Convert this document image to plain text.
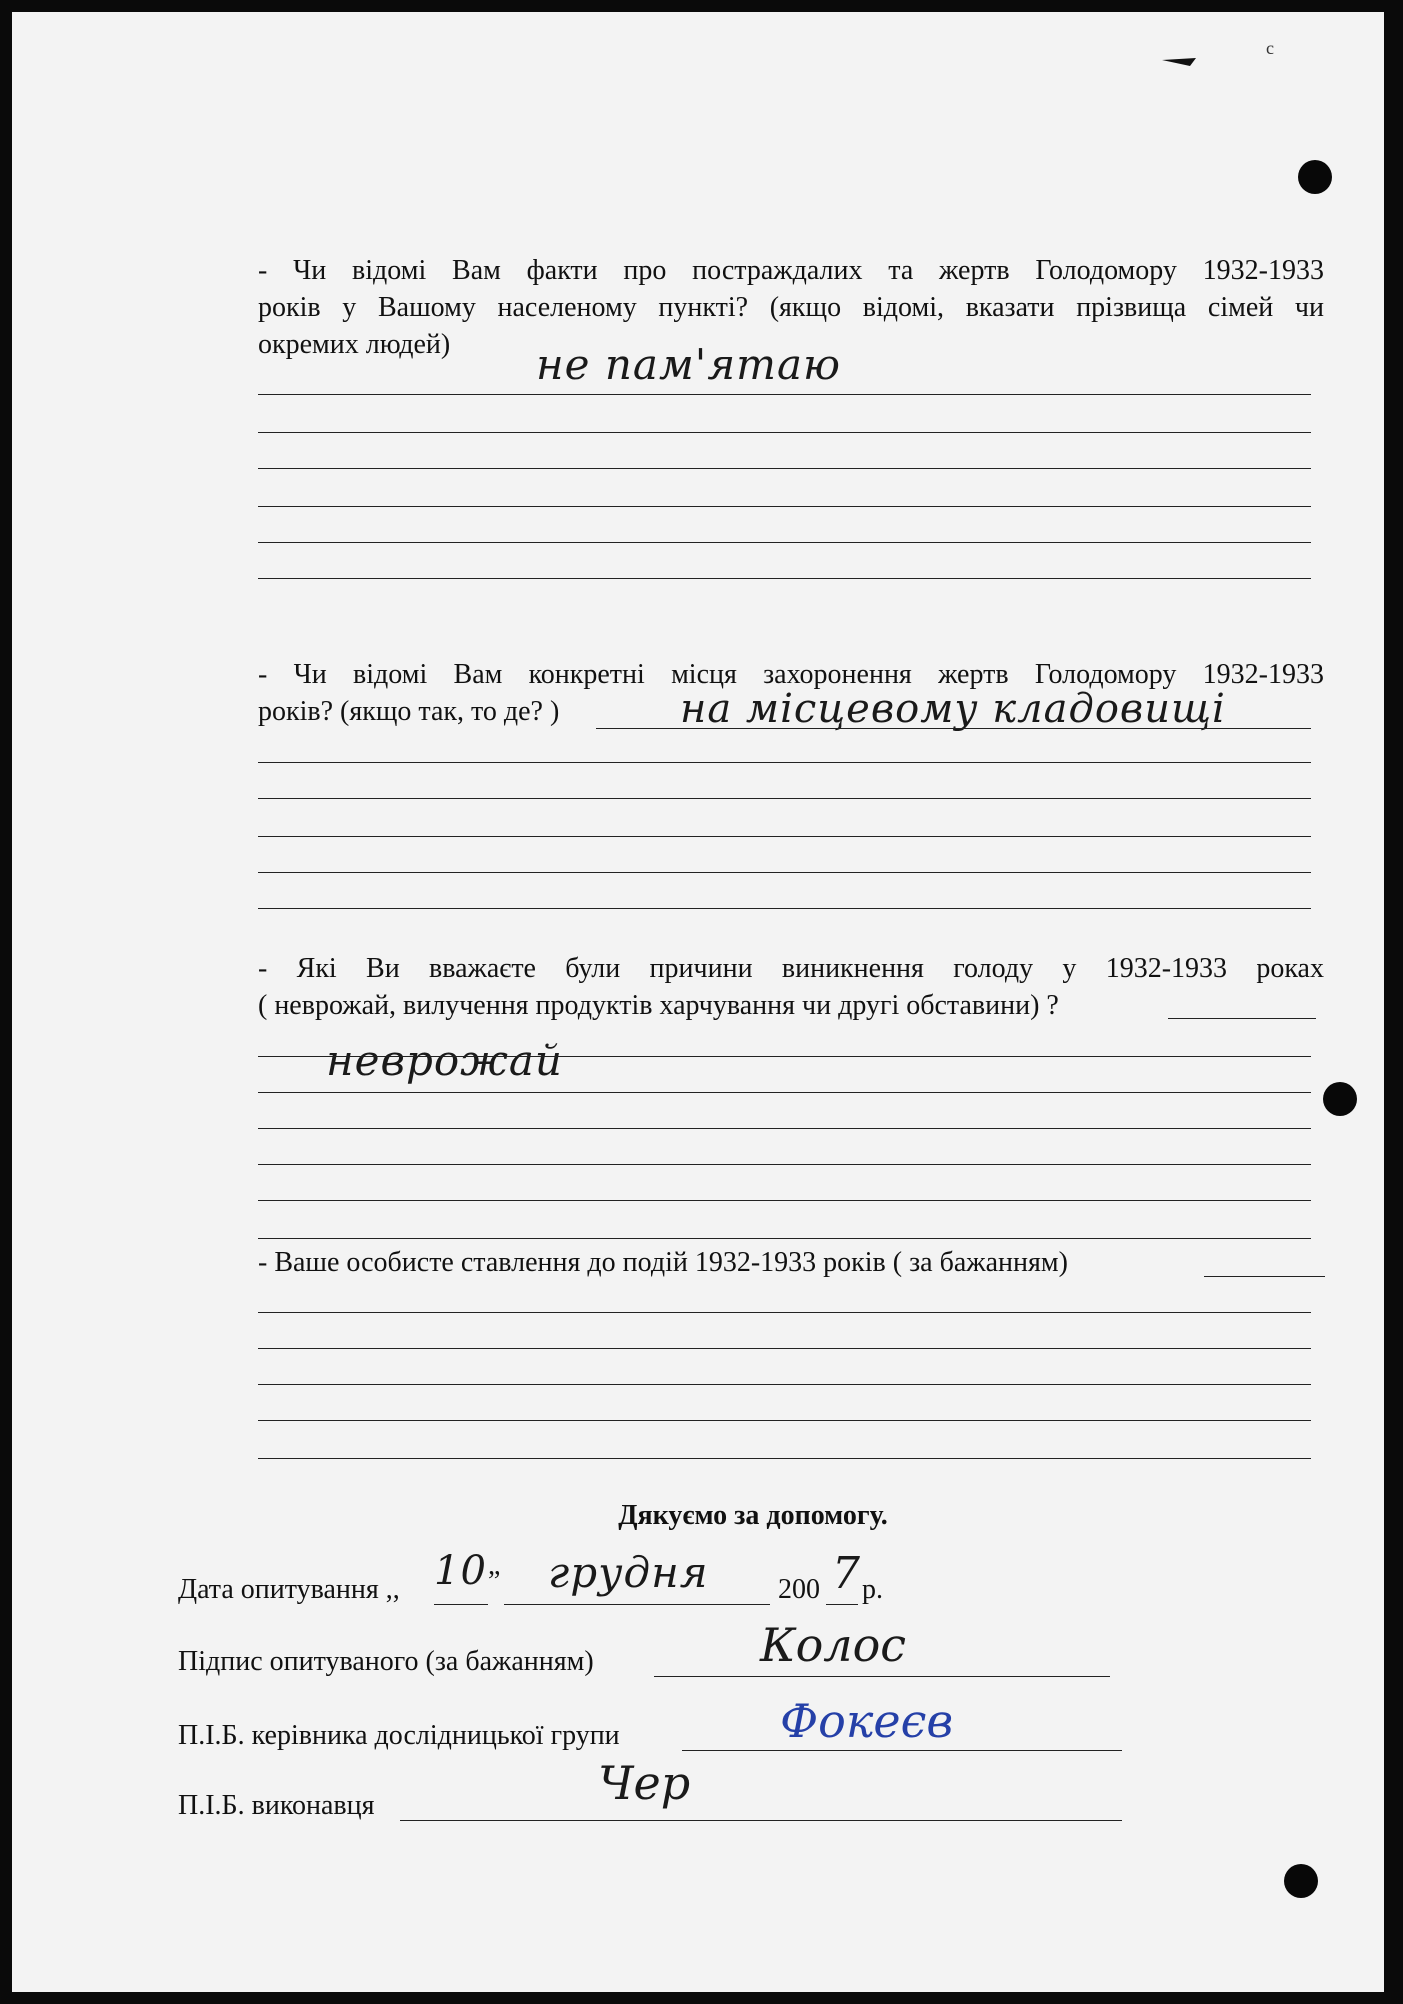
c
- Чи відомі Вам факти про постраждалих та жертв Голодомору 1932-1933
років у Вашому населеному пункті? (якщо відомі, вказати прізвища сімей чи
окремих людей)	не пам'ятаю
- Чи відомі Вам конкретні місця захоронення жертв Голодомору 1932-1933
років? (якщо так, то де? )	на місцевому кладовищі
- Які Ви вважаєте були причини виникнення голоду у 1932-1933 роках
( неврожай, вилучення продуктів харчування чи другі обставини) ?
неврожай
- Ваше особисте ставлення до подій 1932-1933 років ( за бажанням)
Дякуємо за допомогу.
Дата опитування ,, 10 ” грудня 200 7 р.
Підпис опитуваного (за бажанням)	Колос
П.І.Б. керівника дослідницької групи	Фокеєв
П.І.Б. виконавця	Чер
